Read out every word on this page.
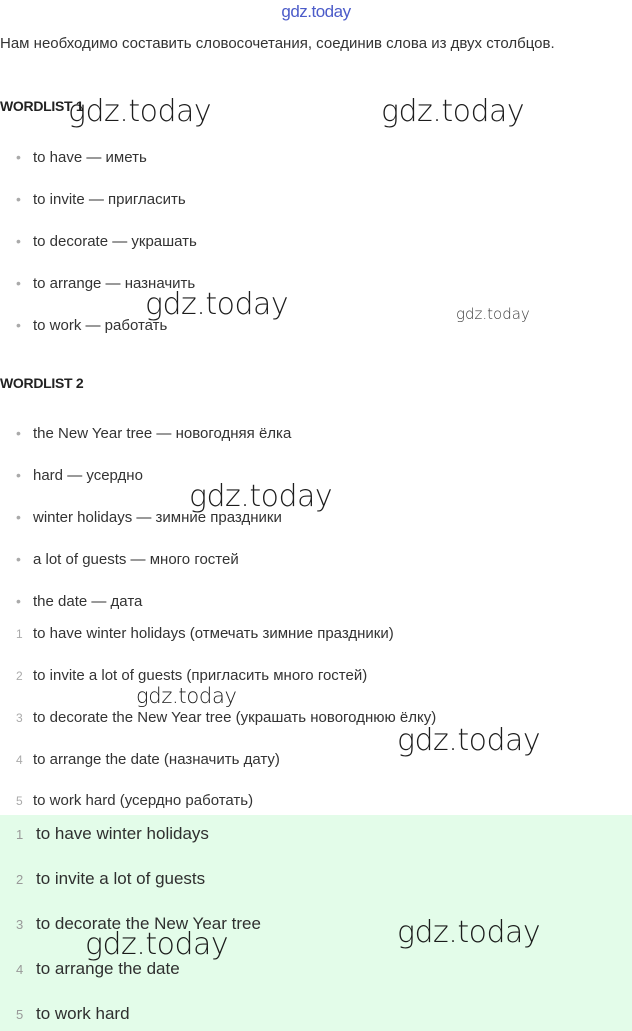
gdz.today
Нам необходимо составить словосочетания, соединив слова из двух столбцов.
WORDLIST 1
• to have — иметь
• to invite — пригласить
• to decorate — украшать
• to arrange — назначить
• to work — работать
WORDLIST 2
• the New Year tree — новогодняя ёлка
• hard — усердно
• winter holidays — зимние праздники
• a lot of guests — много гостей
• the date — дата
1 to have winter holidays (отмечать зимние праздники)
2 to invite a lot of guests (пригласить много гостей)
3 to decorate the New Year tree (украшать новогоднюю ёлку)
4 to arrange the date (назначить дату)
5 to work hard (усердно работать)
1 to have winter holidays
2 to invite a lot of guests
3 to decorate the New Year tree
4 to arrange the date
5 to work hard
gdz.today	gdz.today
gdz.today	gdz.today
gdz.today
gdz.today
gdz.today
gdz.today	gdz.today
